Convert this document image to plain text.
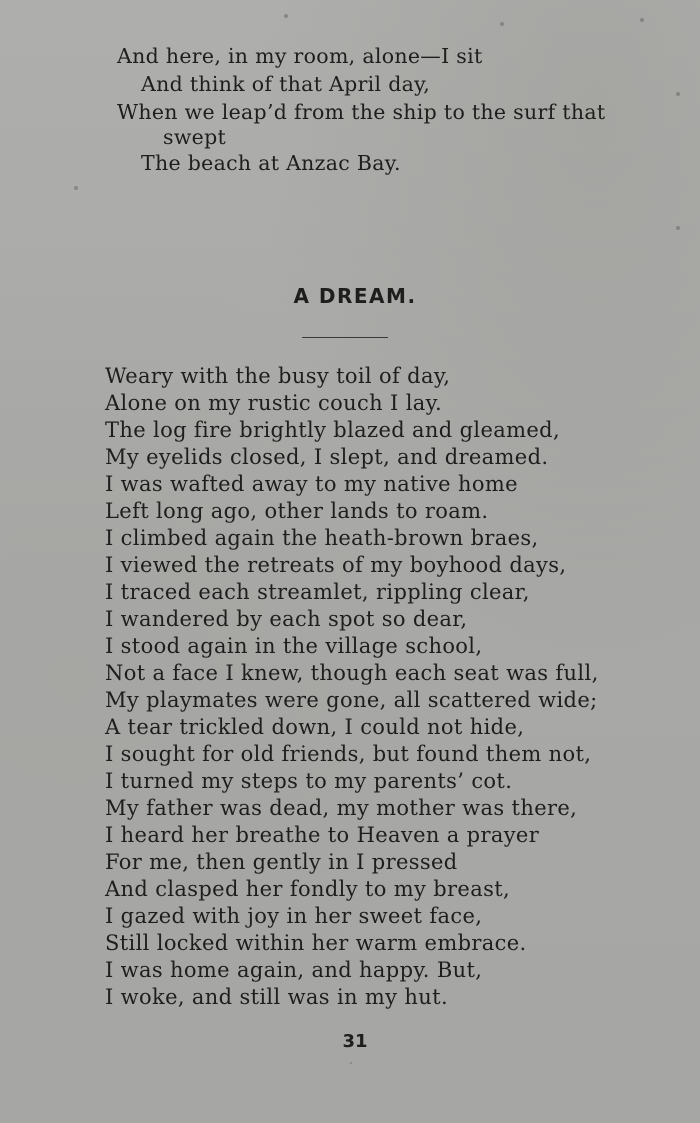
And here, in my room, alone—I sit
And think of that April day,
When we leap’d from the ship to the surf that
swept
The beach at Anzac Bay.
A DREAM.
Weary with the busy toil of day,
Alone on my rustic couch I lay.
The log fire brightly blazed and gleamed,
My eyelids closed, I slept, and dreamed.
I was wafted away to my native home
Left long ago, other lands to roam.
I climbed again the heath-brown braes,
I viewed the retreats of my boyhood days,
I traced each streamlet, rippling clear,
I wandered by each spot so dear,
I stood again in the village school,
Not a face I knew, though each seat was full,
My playmates were gone, all scattered wide;
A tear trickled down, I could not hide,
I sought for old friends, but found them not,
I turned my steps to my parents’ cot.
My father was dead, my mother was there,
I heard her breathe to Heaven a prayer
For me, then gently in I pressed
And clasped her fondly to my breast,
I gazed with joy in her sweet face,
Still locked within her warm embrace.
I was home again, and happy. But,
I woke, and still was in my hut.
31
